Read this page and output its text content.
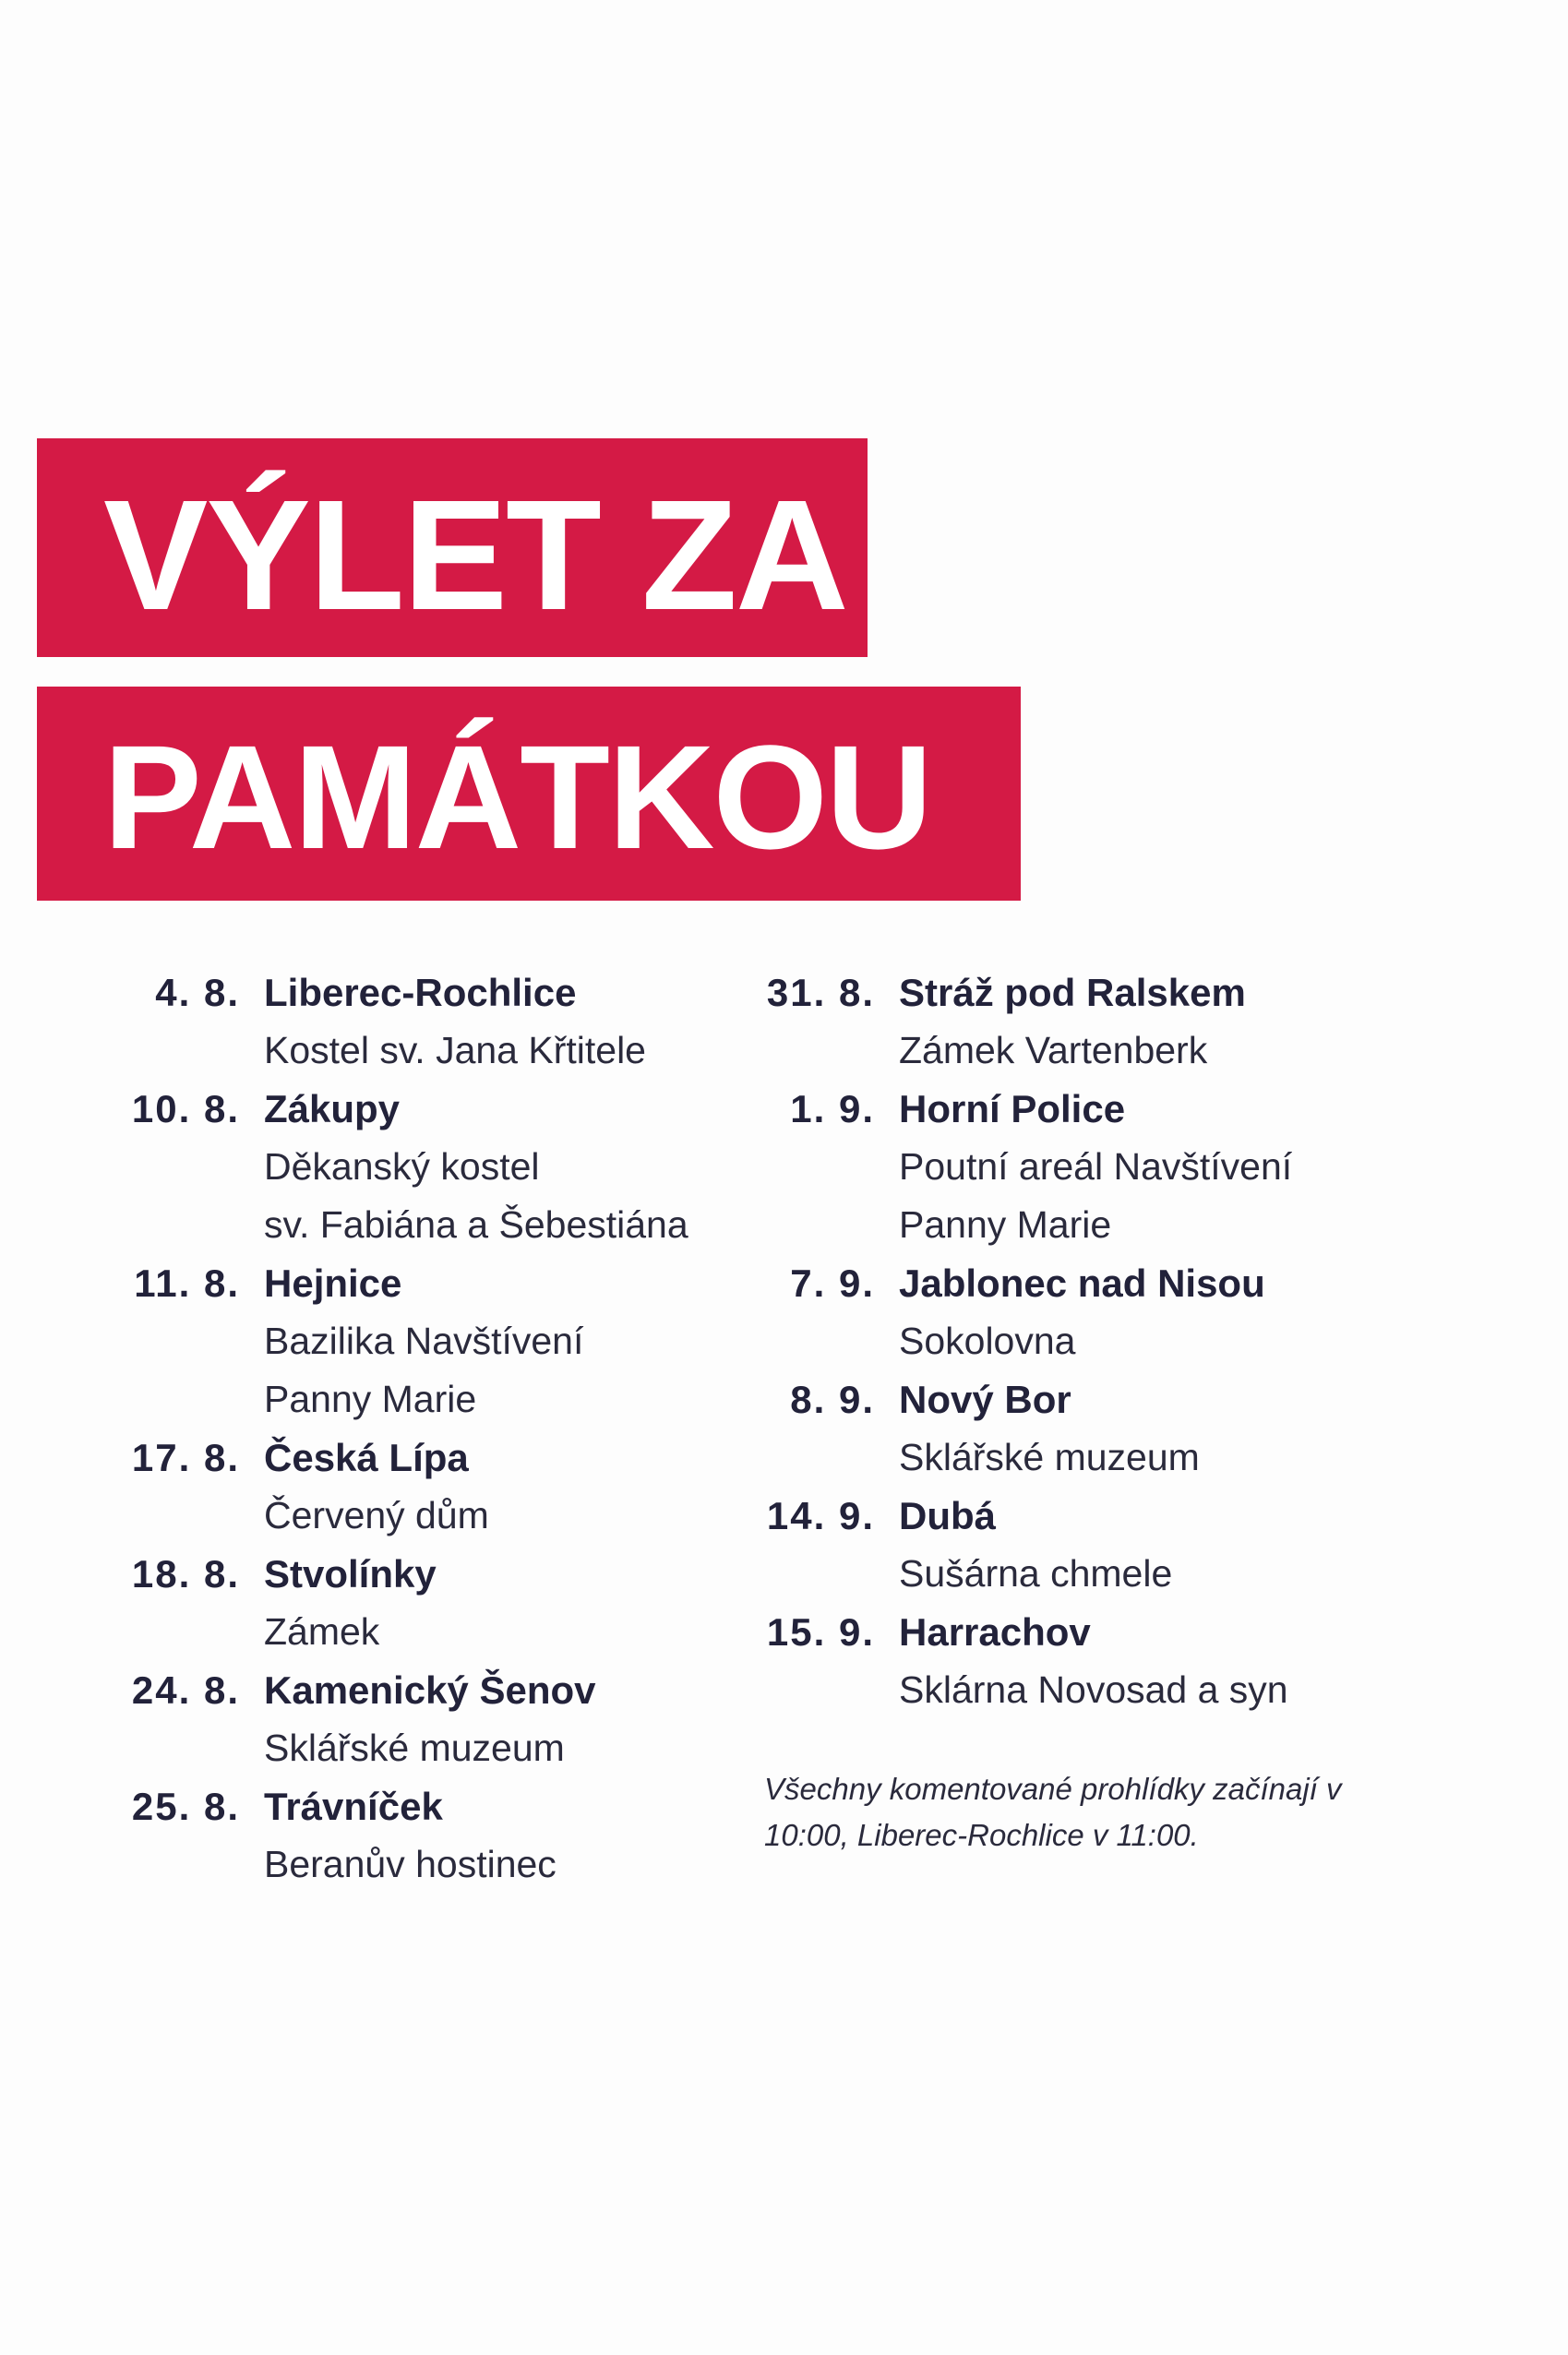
VÝLET ZA
PAMÁTKOU
4. 8. Liberec-Rochlice
Kostel sv. Jana Křtitele
10. 8. Zákupy
Děkanský kostel
sv. Fabiána a Šebestiána
11. 8. Hejnice
Bazilika Navštívení
Panny Marie
17. 8. Česká Lípa
Červený dům
18. 8. Stvolínky
Zámek
24. 8. Kamenický Šenov
Sklářské muzeum
25. 8. Trávníček
Beranův hostinec
31. 8. Stráž pod Ralskem
Zámek Vartenberk
1. 9. Horní Police
Poutní areál Navštívení
Panny Marie
7. 9. Jablonec nad Nisou
Sokolovna
8. 9. Nový Bor
Sklářské muzeum
14. 9. Dubá
Sušárna chmele
15. 9. Harrachov
Sklárna Novosad a syn
Všechny komentované prohlídky začínají v 10:00, Liberec-Rochlice v 11:00.
